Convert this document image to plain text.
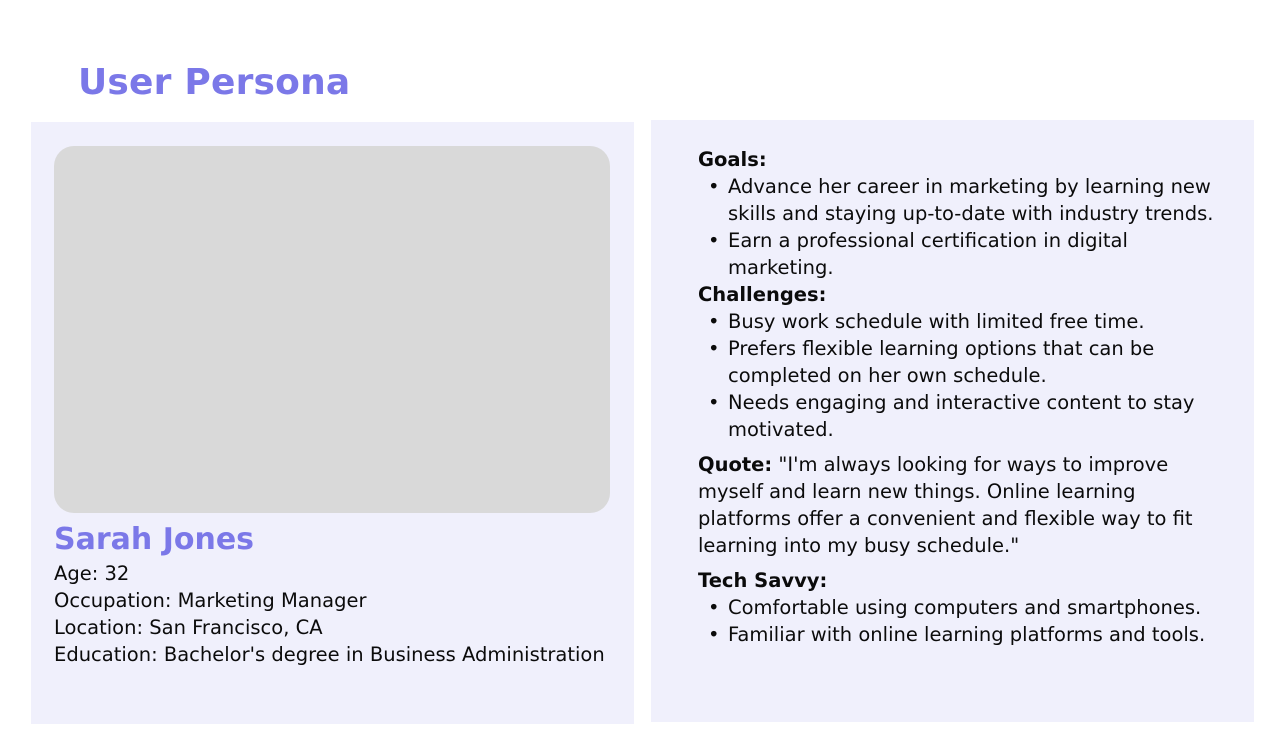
User Persona
Sarah Jones
Age: 32
Occupation: Marketing Manager
Location: San Francisco, CA
Education: Bachelor's degree in Business Administration
Goals:
• Advance her career in marketing by learning new skills and staying up-to-date with industry trends.
• Earn a professional certification in digital marketing.
Challenges:
• Busy work schedule with limited free time.
• Prefers flexible learning options that can be completed on her own schedule.
• Needs engaging and interactive content to stay motivated.
Quote: "I'm always looking for ways to improve myself and learn new things. Online learning platforms offer a convenient and flexible way to fit learning into my busy schedule."
Tech Savvy:
• Comfortable using computers and smartphones.
• Familiar with online learning platforms and tools.
